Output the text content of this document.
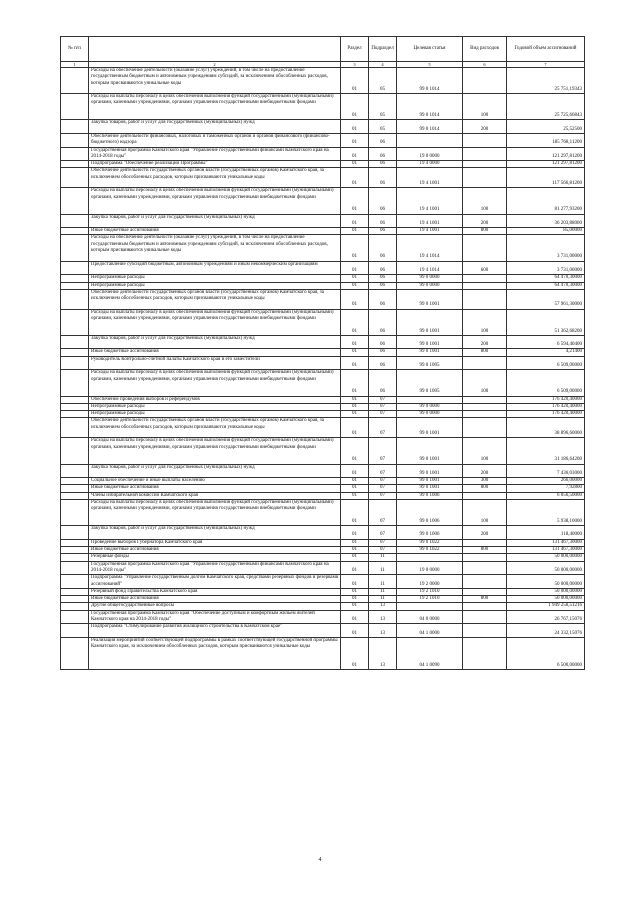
№ п/п		Раздел	Подраздел	Целевая статья	Вид расходов	Годовой объем ассигнований
1	2	3	4	5	6	7
	Расходы на обеспечение деятельности (оказание услуг) учреждений, в том числе на предоставление государственным бюджетным и автономным учреждениям субсидий, за исключением обособленных расходов, которым присваиваются уникальные коды	01	05	99 0 1014		25 751,19343
	Расходы на выплаты персоналу в целях обеспечения выполнения функций государственными (муниципальными) органами, казенными учреждениями, органами управления государственными внебюджетными фондами	01	05	99 0 1014	100	25 725,66843
	Закупка товаров, работ и услуг для государственных (муниципальных) нужд	01	05	99 0 1014	200	25,52500
	Обеспечение деятельности финансовых, налоговых и таможенных органов и органов финансового (финансово-бюджетного) надзора	01	06			185 768,11200
	Государственная программа Камчатского края "Управление государственными финансами Камчатского края на 2014-2018 годы"	01	06	19 0 0000		121 297,81200
	Подпрограмма "Обеспечение реализации Программы"	01	06	19 4 0000		121 297,81200
	Обеспечение деятельности государственных органов власти (государственных органов) Камчатского края, за исключением обособленных расходов, которым присваиваются уникальные коды	01	06	19 4 1001		117 566,81200
	Расходы на выплаты персоналу в целях обеспечения выполнения функций государственными (муниципальными) органами, казенными учреждениями, органами управления государственными внебюджетными фондами	01	06	19 4 1001	100	81 277,93200
	Закупка товаров, работ и услуг для государственных (муниципальных) нужд	01	06	19 4 1001	200	36 203,88000
	Иные бюджетные ассигнования	01	06	19 4 1001	800	85,00000
	Расходы на обеспечение деятельности (оказание услуг) учреждений, в том числе на предоставление государственным бюджетным и автономным учреждениям субсидий, за исключением обособленных расходов, которым присваиваются уникальные коды	01	06	19 4 1014		3 731,00000
	Предоставление субсидий бюджетным, автономным учреждениям и иным некоммерческим организациям	01	06	19 4 1014	600	3 731,00000
	Непрограммные расходы	01	06	99 0 0000		64 470,30000
	Непрограммные расходы	01	06	99 0 0000		64 470,30000
	Обеспечение деятельности государственных органов власти (государственных органов) Камчатского края, за исключением обособленных расходов, которым присваиваются уникальные коды	01	06	99 0 1001		57 961,30000
	Расходы на выплаты персоналу в целях обеспечения выполнения функций государственными (муниципальными) органами, казенными учреждениями, органами управления государственными внебюджетными фондами	01	06	99 0 1001	100	51 362,68200
	Закупка товаров, работ и услуг для государственных (муниципальных) нужд	01	06	99 0 1001	200	6 594,40400
	Иные бюджетные ассигнования	01	06	99 0 1001	800	4,21400
	Руководитель Контрольно-счетной палаты Камчатского края и его заместители	01	06	99 0 1005		6 509,00000
	Расходы на выплаты персоналу в целях обеспечения выполнения функций государственными (муниципальными) органами, казенными учреждениями, органами управления государственными внебюджетными фондами	01	06	99 0 1005	100	6 509,00000
	Обеспечение проведения выборов и референдумов	01	07			176 420,40000
	Непрограммные расходы	01	07	99 0 0000		176 420,40000
	Непрограммные расходы	01	07	99 0 0000		176 420,40000
	Обеспечение деятельности государственных органов власти (государственных органов) Камчатского края, за исключением обособленных расходов, которым присваиваются уникальные коды	01	07	99 0 1001		38 896,60000
	Расходы на выплаты персоналу в целях обеспечения выполнения функций государственными (муниципальными) органами, казенными учреждениями, органами управления государственными внебюджетными фондами	01	07	99 0 1001	100	31 186,64200
	Закупка товаров, работ и услуг для государственных (муниципальных) нужд	01	07	99 0 1001	200	7 436,03000
	Социальное обеспечение и иные выплаты населению	01	07	99 0 1001	300	266,00000
	Иные бюджетные ассигнования	01	07	99 0 1001	800	7,92800
	Члены избирательной комиссии Камчатского края	01	07	99 0 1006		6 056,50000
	Расходы на выплаты персоналу в целях обеспечения выполнения функций государственными (муниципальными) органами, казенными учреждениями, органами управления государственными внебюджетными фондами	01	07	99 0 1006	100	5 938,10000
	Закупка товаров, работ и услуг для государственных (муниципальных) нужд	01	07	99 0 1006	200	118,40000
	Проведение выборов Губернатора Камчатского края	01	07	99 0 1022		131 467,30000
	Иные бюджетные ассигнования	01	07	99 0 1022	800	131 467,30000
	Резервные фонды	01	11			50 000,00000
	Государственная программа Камчатского края "Управление государственными финансами Камчатского края на 2014-2018 годы"	01	11	19 0 0000		50 000,00000
	Подпрограмма "Управление государственным долгом Камчатского края, средствами резервных фондов и резервами ассигнований"	01	11	19 2 0000		50 000,00000
	Резервный фонд Правительства Камчатского края	01	11	19 2 1010		50 000,00000
	Иные бюджетные ассигнования	01	11	19 2 1010	800	50 000,00000
	Другие общегосударственные вопросы	01	13			1 949 258,51216
	Государственная программа Камчатского края "Обеспечение доступным и комфортным жильем жителей Камчатского края на 2014-2018 годы"	01	13	04 0 0000		26 767,15076
	Подпрограмма "Стимулирование развития жилищного строительства в Камчатском крае"	01	13	04 1 0000		24 332,15076
	Реализация мероприятий соответствующей подпрограммы в рамках соответствующей государственной программы Камчатского края, за исключением обособленных расходов, которым присваиваются уникальные коды	01	13	04 1 0090		6 500,00000
4
